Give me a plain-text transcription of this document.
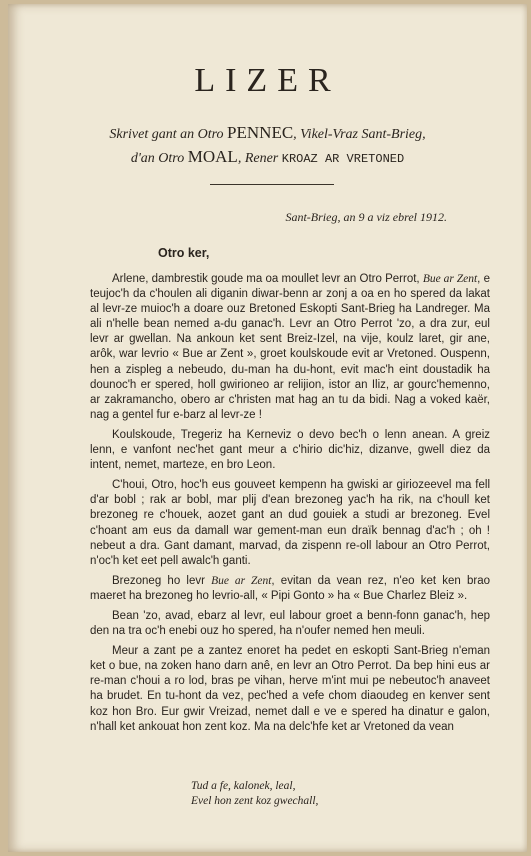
LIZER
Skrivet gant an Otro PENNEC, Vikel-Vraz Sant-Brieg,
d'an Otro MOAL, Rener KROAZ AR VRETONED
Sant-Brieg, an 9 a viz ebrel 1912.
Otro ker,

Arlene, dambrestik goude ma oa moullet levr an Otro Perrot, Bue ar Zent, e teujoc'h da c'houlen ali diganin diwar-benn ar zonj a oa en ho spered da lakat al levr-ze muioc'h a doare ouz Bretoned Eskopti Sant-Brieg ha Landreger. Ma ali n'helle bean nemed a-du ganac'h. Levr an Otro Perrot 'zo, a dra zur, eul levr ar gwellan. Na ankoun ket sent Breiz-Izel, na vije, koulz laret, gir ane, arôk, war levrio « Bue ar Zent », groet koulskoude evit ar Vretoned. Ouspenn, hen a zispleg a nebeudo, du-man ha du-hont, evit mac'h eint doustadik ha dounoc'h er spered, holl gwirioneo ar relijion, istor an Iliz, ar gourc'hemenno, ar zakramancho, obero ar c'hristen mat hag an tu da bidi. Nag a voked kaër, nag a gentel fur e-barz al levr-ze !

Koulskoude, Tregeriz ha Kerneviz o devo bec'h o lenn anean. A greiz lenn, e vanfont nec'het gant meur a c'hirio dic'hiz, dizanve, gwell diez da intent, nemet, marteze, en bro Leon.

C'houi, Otro, hoc'h eus gouveet kempenn ha gwiski ar giriozeevel ma fell d'ar bobl ; rak ar bobl, mar plij d'ean brezoneg yac'h ha rik, na c'houll ket brezoneg re c'houek, aozet gant an dud gouiek a studi ar brezoneg. Evel c'hoant am eus da damall war gement-man eun draïk bennag d'ac'h ; oh ! nebeut a dra. Gant damant, marvad, da zispenn re-oll labour an Otro Perrot, n'oc'h ket eet pell awalc'h ganti.

Brezoneg ho levr Bue ar Zent, evitan da vean rez, n'eo ket ken brao maeret ha brezoneg ho levrio-all, « Pipi Gonto » ha « Bue Charlez Bleiz ».

Bean 'zo, avad, ebarz al levr, eul labour groet a benn-fonn ganac'h, hep den na tra oc'h enebi ouz ho spered, ha n'oufer nemed hen meuli.

Meur a zant pe a zantez enoret ha pedet en eskopti Sant-Brieg n'eman ket o bue, na zoken hano darn anê, en levr an Otro Perrot. Da bep hini eus ar re-man c'houi a ro lod, bras pe vihan, herve m'int mui pe nebeutoc'h anaveet ha brudet. En tu-hont da vez, pec'hed a vefe chom diaoudeg en kenver sent koz hon Bro. Eur gwir Vreizad, nemet dall e ve e spered ha dinatur e galon, n'hall ket ankouat hon zent koz. Ma na delc'hfe ket ar Vretoned da vean

Tud a fe, kalonek, leal,
Evel hon zent koz gwechall,
